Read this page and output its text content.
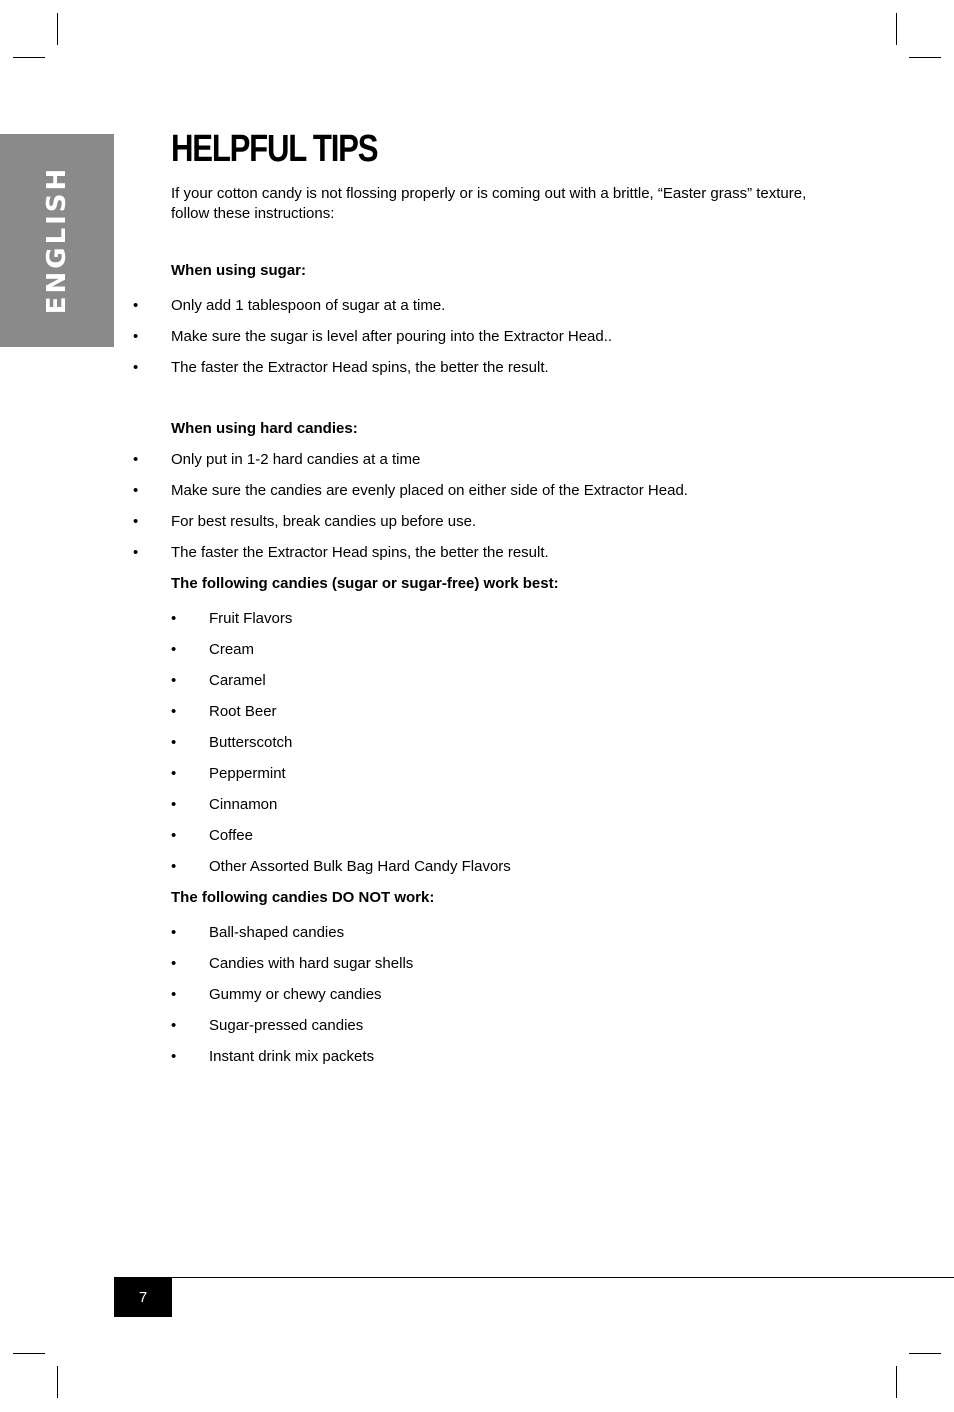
ENGLISH
HELPFUL TIPS

If your cotton candy is not flossing properly or is coming out with a brittle, “Easter grass” texture, follow these instructions:

When using sugar:
•	Only add 1 tablespoon of sugar at a time.
•	Make sure the sugar is level after pouring into the Extractor Head..
•	The faster the Extractor Head spins, the better the result.
When using hard candies:
•	Only put in 1-2 hard candies at a time
•	Make sure the candies are evenly placed on either side of the Extractor Head.
•	For best results, break candies up before use.
•	The faster the Extractor Head spins, the better the result.
The following candies (sugar or sugar-free) work best:
•	Fruit Flavors
•	Cream
•	Caramel
•	Root Beer
•	Butterscotch
•	Peppermint
•	Cinnamon
•	Coffee
•	Other Assorted Bulk Bag Hard Candy Flavors
The following candies DO NOT work:
•	Ball-shaped candies
•	Candies with hard sugar shells
•	Gummy or chewy candies
•	Sugar-pressed candies
•	Instant drink mix packets
7
